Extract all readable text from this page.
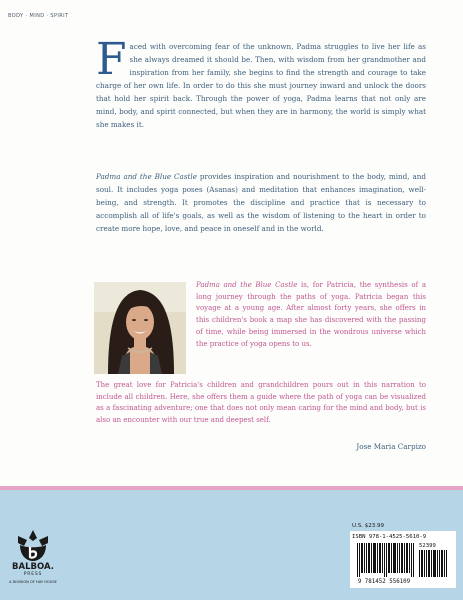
BODY · MIND · SPIRIT
Faced with overcoming fear of the unknown, Padma struggles to live her life as she always dreamed it should be. Then, with wisdom from her grandmother and inspiration from her family, she begins to find the strength and courage to take charge of her own life. In order to do this she must journey inward and unlock the doors that hold her spirit back. Through the power of yoga, Padma learns that not only are mind, body, and spirit connected, but when they are in harmony, the world is simply what she makes it.
Padma and the Blue Castle provides inspiration and nourishment to the body, mind, and soul. It includes yoga poses (Asanas) and meditation that enhances imagination, well-being, and strength. It promotes the discipline and practice that is necessary to accomplish all of life's goals, as well as the wisdom of listening to the heart in order to create more hope, love, and peace in oneself and in the world.
Padma and the Blue Castle is, for Patricia, the synthesis of a long journey through the paths of yoga. Patricia began this voyage at a young age. After almost forty years, she offers in this children's book a map she has discovered with the passing of time, while being immersed in the wondrous universe which the practice of yoga opens to us.
The great love for Patricia's children and grandchildren pours out in this narration to include all children. Here, she offers them a guide where the path of yoga can be visualized as a fascinating adventure; one that does not only mean caring for the mind and body, but is also an encounter with our true and deepest self.
Jose Maria Carpizo
BALBOA.
PRESS
A DIVISION OF HAY HOUSE
U.S. $23.99
ISBN 978-1-4525-5610-9
52399
9 781452 556109
